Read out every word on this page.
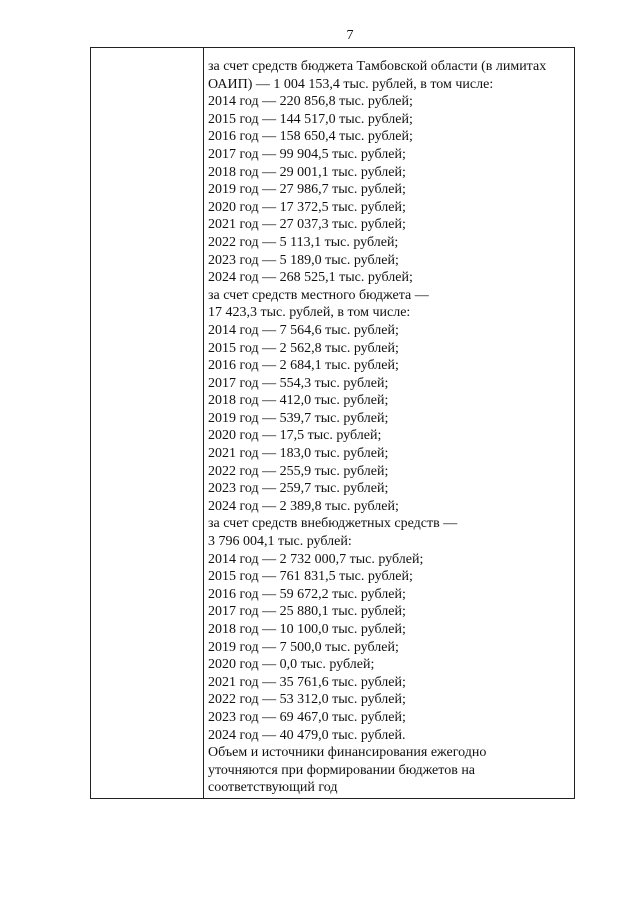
7
за счет средств бюджета Тамбовской области (в лимитах
ОАИП) — 1 004 153,4 тыс. рублей, в том числе:
2014 год — 220 856,8 тыс. рублей;
2015 год — 144 517,0 тыс. рублей;
2016 год — 158 650,4 тыс. рублей;
2017 год — 99 904,5 тыс. рублей;
2018 год — 29 001,1 тыс. рублей;
2019 год — 27 986,7 тыс. рублей;
2020 год — 17 372,5 тыс. рублей;
2021 год — 27 037,3 тыс. рублей;
2022 год — 5 113,1 тыс. рублей;
2023 год — 5 189,0 тыс. рублей;
2024 год — 268 525,1 тыс. рублей;
за счет средств местного бюджета —
17 423,3 тыс. рублей, в том числе:
2014 год — 7 564,6 тыс. рублей;
2015 год — 2 562,8 тыс. рублей;
2016 год — 2 684,1 тыс. рублей;
2017 год — 554,3 тыс. рублей;
2018 год — 412,0 тыс. рублей;
2019 год — 539,7 тыс. рублей;
2020 год — 17,5 тыс. рублей;
2021 год — 183,0 тыс. рублей;
2022 год — 255,9 тыс. рублей;
2023 год — 259,7 тыс. рублей;
2024 год — 2 389,8 тыс. рублей;
за счет средств внебюджетных средств —
3 796 004,1 тыс. рублей:
2014 год — 2 732 000,7 тыс. рублей;
2015 год — 761 831,5 тыс. рублей;
2016 год — 59 672,2 тыс. рублей;
2017 год — 25 880,1 тыс. рублей;
2018 год — 10 100,0 тыс. рублей;
2019 год — 7 500,0 тыс. рублей;
2020 год — 0,0 тыс. рублей;
2021 год — 35 761,6 тыс. рублей;
2022 год — 53 312,0 тыс. рублей;
2023 год — 69 467,0 тыс. рублей;
2024 год — 40 479,0 тыс. рублей.
Объем и источники финансирования ежегодно
уточняются при формировании бюджетов на
соответствующий год
